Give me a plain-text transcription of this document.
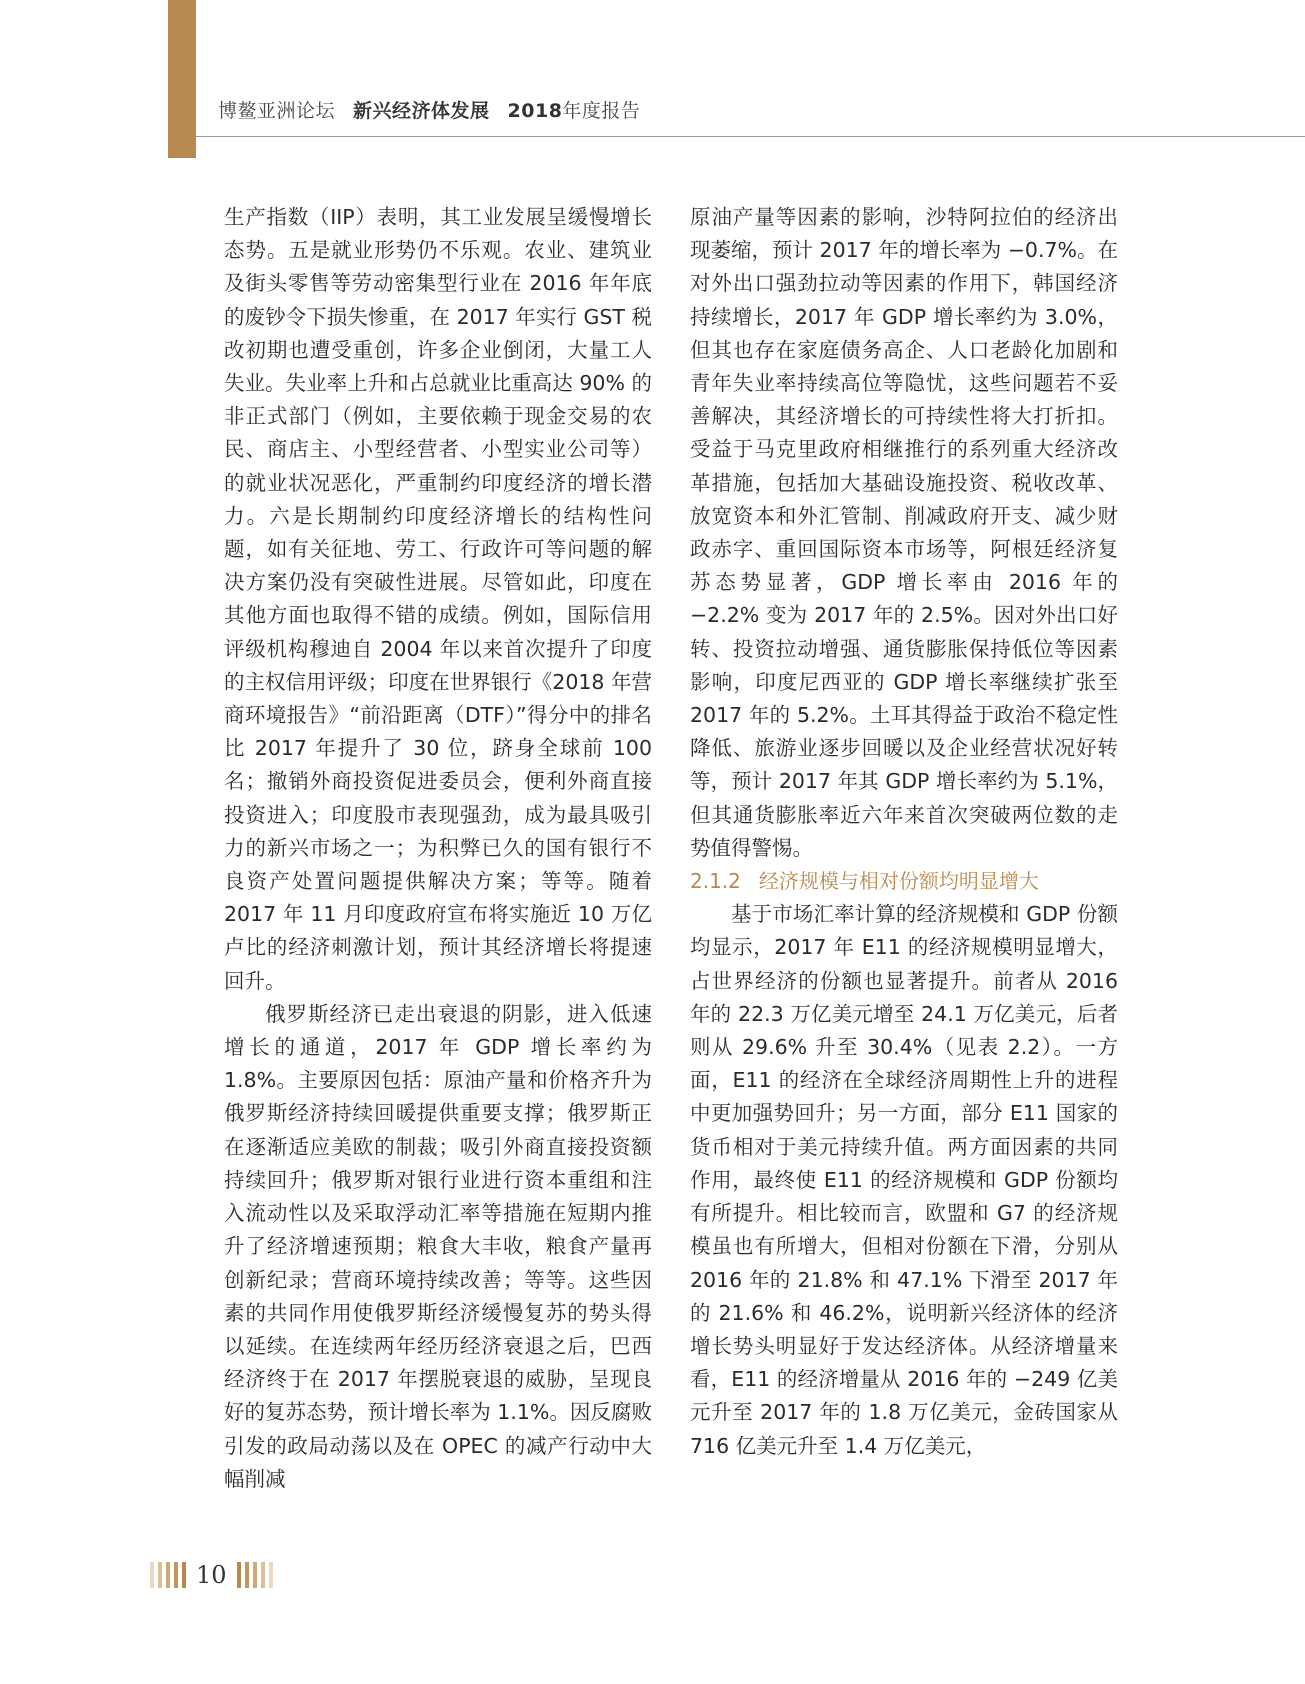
博鳌亚洲论坛 新兴经济体发展 2018年度报告

生产指数（IIP）表明，其工业发展呈缓慢增长态势。五是就业形势仍不乐观。农业、建筑业及街头零售等劳动密集型行业在 2016 年年底的废钞令下损失惨重，在 2017 年实行 GST 税改初期也遭受重创，许多企业倒闭，大量工人失业。失业率上升和占总就业比重高达 90% 的非正式部门（例如，主要依赖于现金交易的农民、商店主、小型经营者、小型实业公司等）的就业状况恶化，严重制约印度经济的增长潜力。六是长期制约印度经济增长的结构性问题，如有关征地、劳工、行政许可等问题的解决方案仍没有突破性进展。尽管如此，印度在其他方面也取得不错的成绩。例如，国际信用评级机构穆迪自 2004 年以来首次提升了印度的主权信用评级；印度在世界银行《2018 年营商环境报告》“前沿距离（DTF）”得分中的排名比 2017 年提升了 30 位，跻身全球前 100 名；撤销外商投资促进委员会，便利外商直接投资进入；印度股市表现强劲，成为最具吸引力的新兴市场之一；为积弊已久的国有银行不良资产处置问题提供解决方案；等等。随着 2017 年 11 月印度政府宣布将实施近 10 万亿卢比的经济刺激计划，预计其经济增长将提速回升。

俄罗斯经济已走出衰退的阴影，进入低速增长的通道，2017 年 GDP 增长率约为 1.8%。主要原因包括：原油产量和价格齐升为俄罗斯经济持续回暖提供重要支撑；俄罗斯正在逐渐适应美欧的制裁；吸引外商直接投资额持续回升；俄罗斯对银行业进行资本重组和注入流动性以及采取浮动汇率等措施在短期内推升了经济增速预期；粮食大丰收，粮食产量再创新纪录；营商环境持续改善；等等。这些因素的共同作用使俄罗斯经济缓慢复苏的势头得以延续。在连续两年经历经济衰退之后，巴西经济终于在 2017 年摆脱衰退的威胁，呈现良好的复苏态势，预计增长率为 1.1%。因反腐败引发的政局动荡以及在 OPEC 的减产行动中大幅削减

原油产量等因素的影响，沙特阿拉伯的经济出现萎缩，预计 2017 年的增长率为 −0.7%。在对外出口强劲拉动等因素的作用下，韩国经济持续增长，2017 年 GDP 增长率约为 3.0%，但其也存在家庭债务高企、人口老龄化加剧和青年失业率持续高位等隐忧，这些问题若不妥善解决，其经济增长的可持续性将大打折扣。受益于马克里政府相继推行的系列重大经济改革措施，包括加大基础设施投资、税收改革、放宽资本和外汇管制、削减政府开支、减少财政赤字、重回国际资本市场等，阿根廷经济复苏态势显著，GDP 增长率由 2016 年的 −2.2% 变为 2017 年的 2.5%。因对外出口好转、投资拉动增强、通货膨胀保持低位等因素影响，印度尼西亚的 GDP 增长率继续扩张至 2017 年的 5.2%。土耳其得益于政治不稳定性降低、旅游业逐步回暖以及企业经营状况好转等，预计 2017 年其 GDP 增长率约为 5.1%，但其通货膨胀率近六年来首次突破两位数的走势值得警惕。

2.1.2 经济规模与相对份额均明显增大

基于市场汇率计算的经济规模和 GDP 份额均显示，2017 年 E11 的经济规模明显增大，占世界经济的份额也显著提升。前者从 2016 年的 22.3 万亿美元增至 24.1 万亿美元，后者则从 29.6% 升至 30.4%（见表 2.2）。一方面，E11 的经济在全球经济周期性上升的进程中更加强势回升；另一方面，部分 E11 国家的货币相对于美元持续升值。两方面因素的共同作用，最终使 E11 的经济规模和 GDP 份额均有所提升。相比较而言，欧盟和 G7 的经济规模虽也有所增大，但相对份额在下滑，分别从 2016 年的 21.8% 和 47.1% 下滑至 2017 年的 21.6% 和 46.2%，说明新兴经济体的经济增长势头明显好于发达经济体。从经济增量来看，E11 的经济增量从 2016 年的 −249 亿美元升至 2017 年的 1.8 万亿美元，金砖国家从 716 亿美元升至 1.4 万亿美元，

10
